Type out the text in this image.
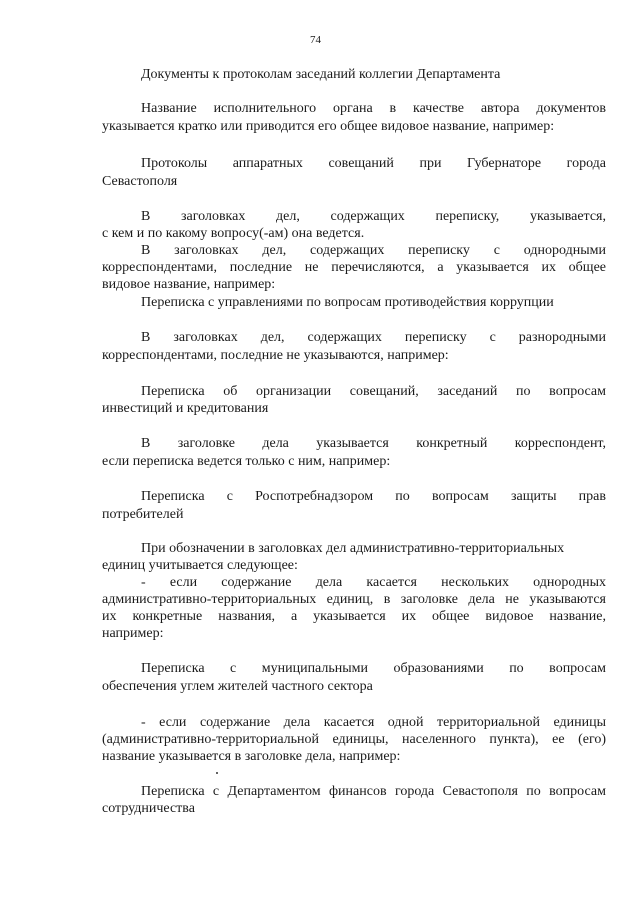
74
Документы к протоколам заседаний коллегии Департамента
Название исполнительного органа в качестве автора документов
указывается кратко или приводится его общее видовое название, например:
Протоколы аппаратных совещаний при Губернаторе города
Севастополя
В заголовках дел, содержащих переписку, указывается,
с кем и по какому вопросу(-ам) она ведется.
В заголовках дел, содержащих переписку с однородными
корреспондентами, последние не перечисляются, а указывается их общее
видовое название, например:
Переписка с управлениями по вопросам противодействия коррупции
В заголовках дел, содержащих переписку с разнородными
корреспондентами, последние не указываются, например:
Переписка об организации совещаний, заседаний по вопросам
инвестиций и кредитования
В заголовке дела указывается конкретный корреспондент,
если переписка ведется только с ним, например:
Переписка с Роспотребнадзором по вопросам защиты прав
потребителей
При обозначении в заголовках дел административно-территориальных
единиц учитывается следующее:
- если содержание дела касается нескольких однородных
административно-территориальных единиц, в заголовке дела не указываются
их конкретные названия, а указывается их общее видовое название,
например:
Переписка с муниципальными образованиями по вопросам
обеспечения углем жителей частного сектора
- если содержание дела касается одной территориальной единицы
(административно-территориальной единицы, населенного пункта), ее (его)
название указывается в заголовке дела, например:
Переписка с Департаментом финансов города Севастополя по вопросам
сотрудничества
